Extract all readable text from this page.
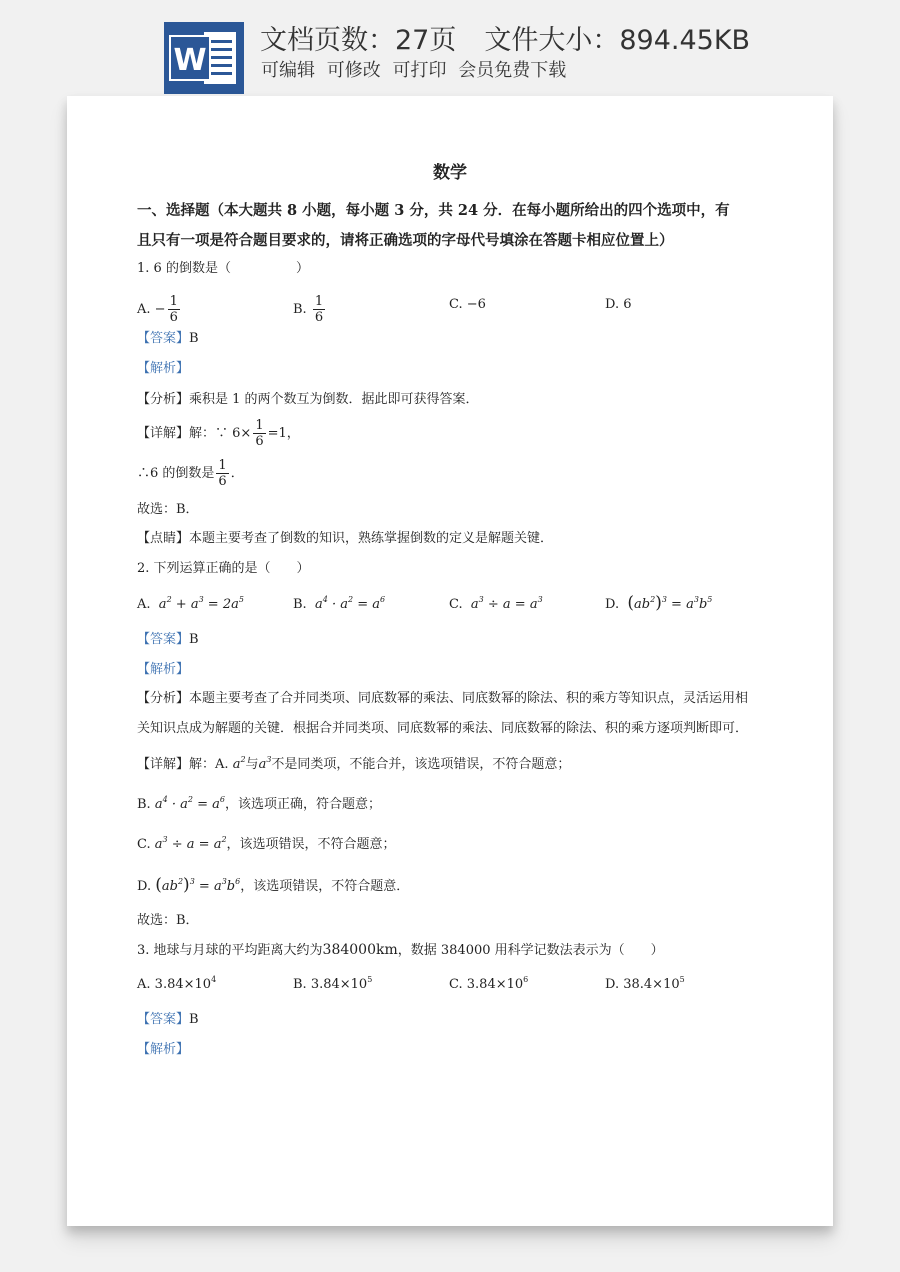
W
文档页数：27页 文件大小：894.45KB
可编辑 可修改 可打印 会员免费下载
数学
一、选择题（本大题共 8 小题，每小题 3 分，共 24 分．在每小题所给出的四个选项中，有
且只有一项是符合题目要求的，请将正确选项的字母代号填涂在答题卡相应位置上）
1. 6 的倒数是（　　　　　）
A. − $\frac{1}{6}$	B. $\frac{1}{6}$	C. −6	D. 6
【答案】B
【解析】
【分析】乘积是 1 的两个数互为倒数．据此即可获得答案．
【详解】解：∵ $6\times \frac{1}{6} =1$，
∴6 的倒数是 $\frac{1}{6}$ ．
故选：B．
【点睛】本题主要考查了倒数的知识，熟练掌握倒数的定义是解题关键．
2. 下列运算正确的是（　　）
A.  $a^2 + a^3 = 2a^5$	B.  $a^4 \cdot a^2 = a^6$	C.  $a^3 \div a = a^3$	D. $(ab^2)^3 = a^3b^5$
【答案】B
【解析】
【分析】本题主要考查了合并同类项、同底数幂的乘法、同底数幂的除法、积的乘方等知识点，灵活运用相
关知识点成为解题的关键．根据合并同类项、同底数幂的乘法、同底数幂的除法、积的乘方逐项判断即可．
【详解】解：A. $a^2$与$a^3$不是同类项，不能合并，该选项错误，不符合题意；
B. $a^4 \cdot a^2 = a^6$，该选项正确，符合题意；
C. $a^3 \div a = a^2$，该选项错误，不符合题意；
D. $(ab^2)^3 = a^3b^6$，该选项错误，不符合题意．
故选：B．
3. 地球与月球的平均距离大约为384000km，数据 384000 用科学记数法表示为（　　）
A. $3.84\times 10^4$	B. $3.84\times 10^5$	C. $3.84\times 10^6$	D. $38.4\times 10^5$
【答案】B
【解析】
